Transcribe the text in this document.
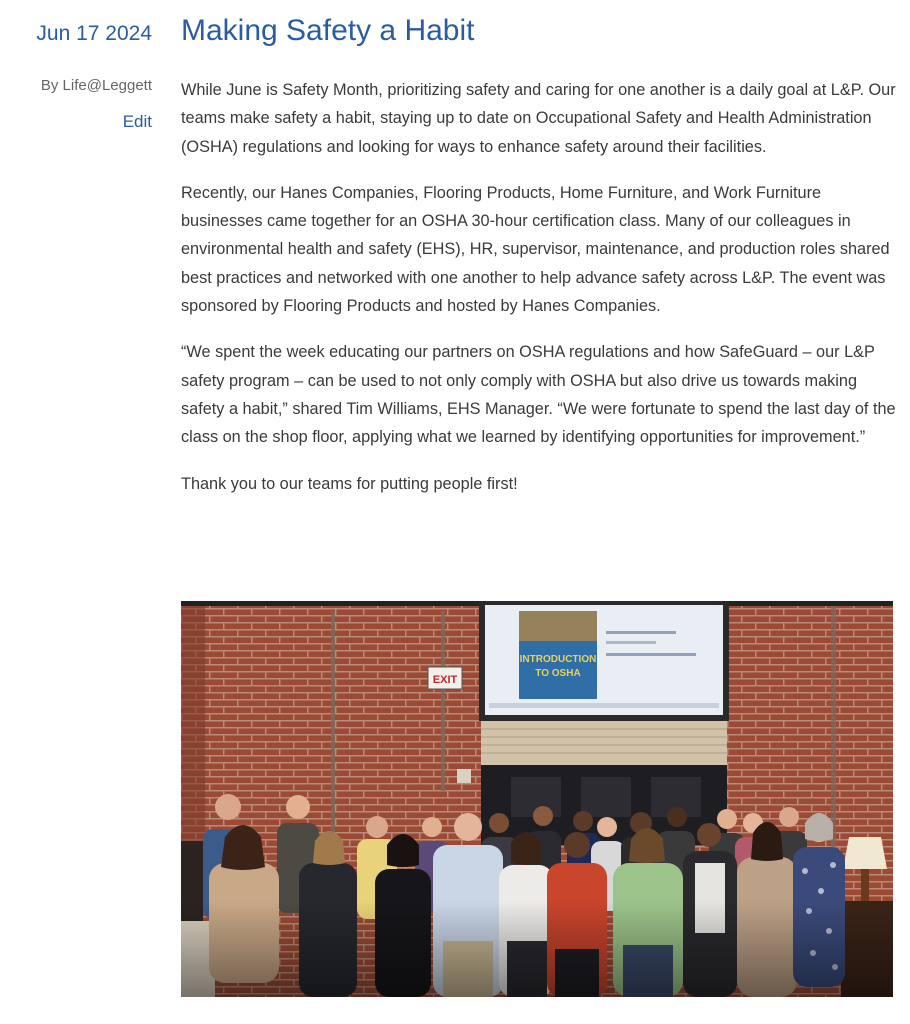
Jun 17 2024
By Life@Leggett
Edit
Making Safety a Habit

While June is Safety Month, prioritizing safety and caring for one another is a daily goal at L&P. Our teams make safety a habit, staying up to date on Occupational Safety and Health Administration (OSHA) regulations and looking for ways to enhance safety around their facilities.

Recently, our Hanes Companies, Flooring Products, Home Furniture, and Work Furniture businesses came together for an OSHA 30-hour certification class. Many of our colleagues in environmental health and safety (EHS), HR, supervisor, maintenance, and production roles shared best practices and networked with one another to help advance safety across L&P. The event was sponsored by Flooring Products and hosted by Hanes Companies.

“We spent the week educating our partners on OSHA regulations and how SafeGuard – our L&P safety program – can be used to not only comply with OSHA but also drive us towards making safety a habit,” shared Tim Williams, EHS Manager. “We were fortunate to spend the last day of the class on the shop floor, applying what we learned by identifying opportunities for improvement.”

Thank you to our teams for putting people first!

INTRODUCTION
TO OSHA
EXIT
